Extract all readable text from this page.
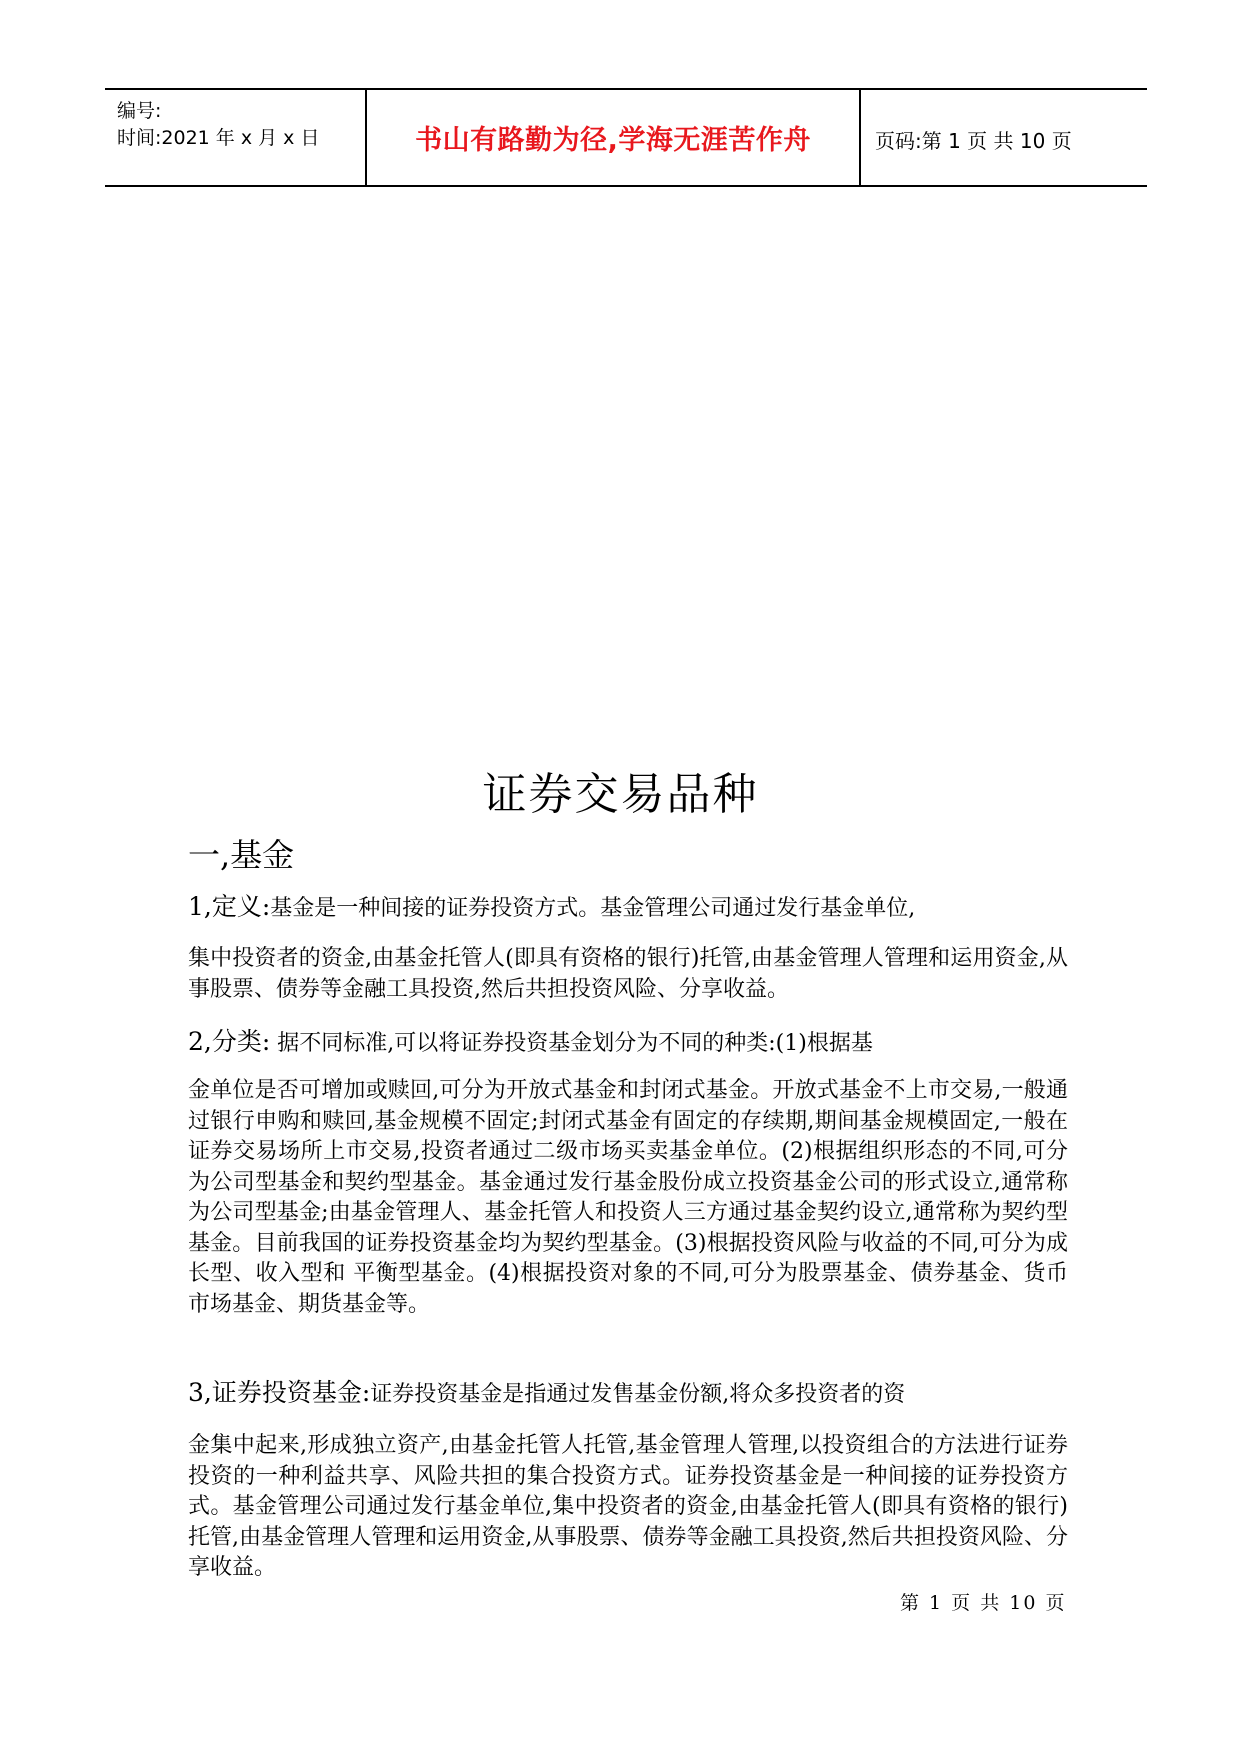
编号:
时间:2021 年 x 月 x 日	书山有路勤为径,学海无涯苦作舟	页码:第 1 页 共 10 页
证券交易品种
一,基金
1,定义:基金是一种间接的证券投资方式。基金管理公司通过发行基金单位,
集中投资者的资金,由基金托管人(即具有资格的银行)托管,由基金管理人管理和运用资金,从事股票、债券等金融工具投资,然后共担投资风险、分享收益。
2,分类: 据不同标准,可以将证券投资基金划分为不同的种类:(1)根据基
金单位是否可增加或赎回,可分为开放式基金和封闭式基金。开放式基金不上市交易,一般通过银行申购和赎回,基金规模不固定;封闭式基金有固定的存续期,期间基金规模固定,一般在证券交易场所上市交易,投资者通过二级市场买卖基金单位。(2)根据组织形态的不同,可分为公司型基金和契约型基金。基金通过发行基金股份成立投资基金公司的形式设立,通常称为公司型基金;由基金管理人、基金托管人和投资人三方通过基金契约设立,通常称为契约型基金。目前我国的证券投资基金均为契约型基金。(3)根据投资风险与收益的不同,可分为成长型、收入型和 平衡型基金。(4)根据投资对象的不同,可分为股票基金、债券基金、货币市场基金、期货基金等。
3,证券投资基金:证券投资基金是指通过发售基金份额,将众多投资者的资
金集中起来,形成独立资产,由基金托管人托管,基金管理人管理,以投资组合的方法进行证券投资的一种利益共享、风险共担的集合投资方式。证券投资基金是一种间接的证券投资方式。基金管理公司通过发行基金单位,集中投资者的资金,由基金托管人(即具有资格的银行)托管,由基金管理人管理和运用资金,从事股票、债券等金融工具投资,然后共担投资风险、分享收益。
第 1 页 共 10 页
